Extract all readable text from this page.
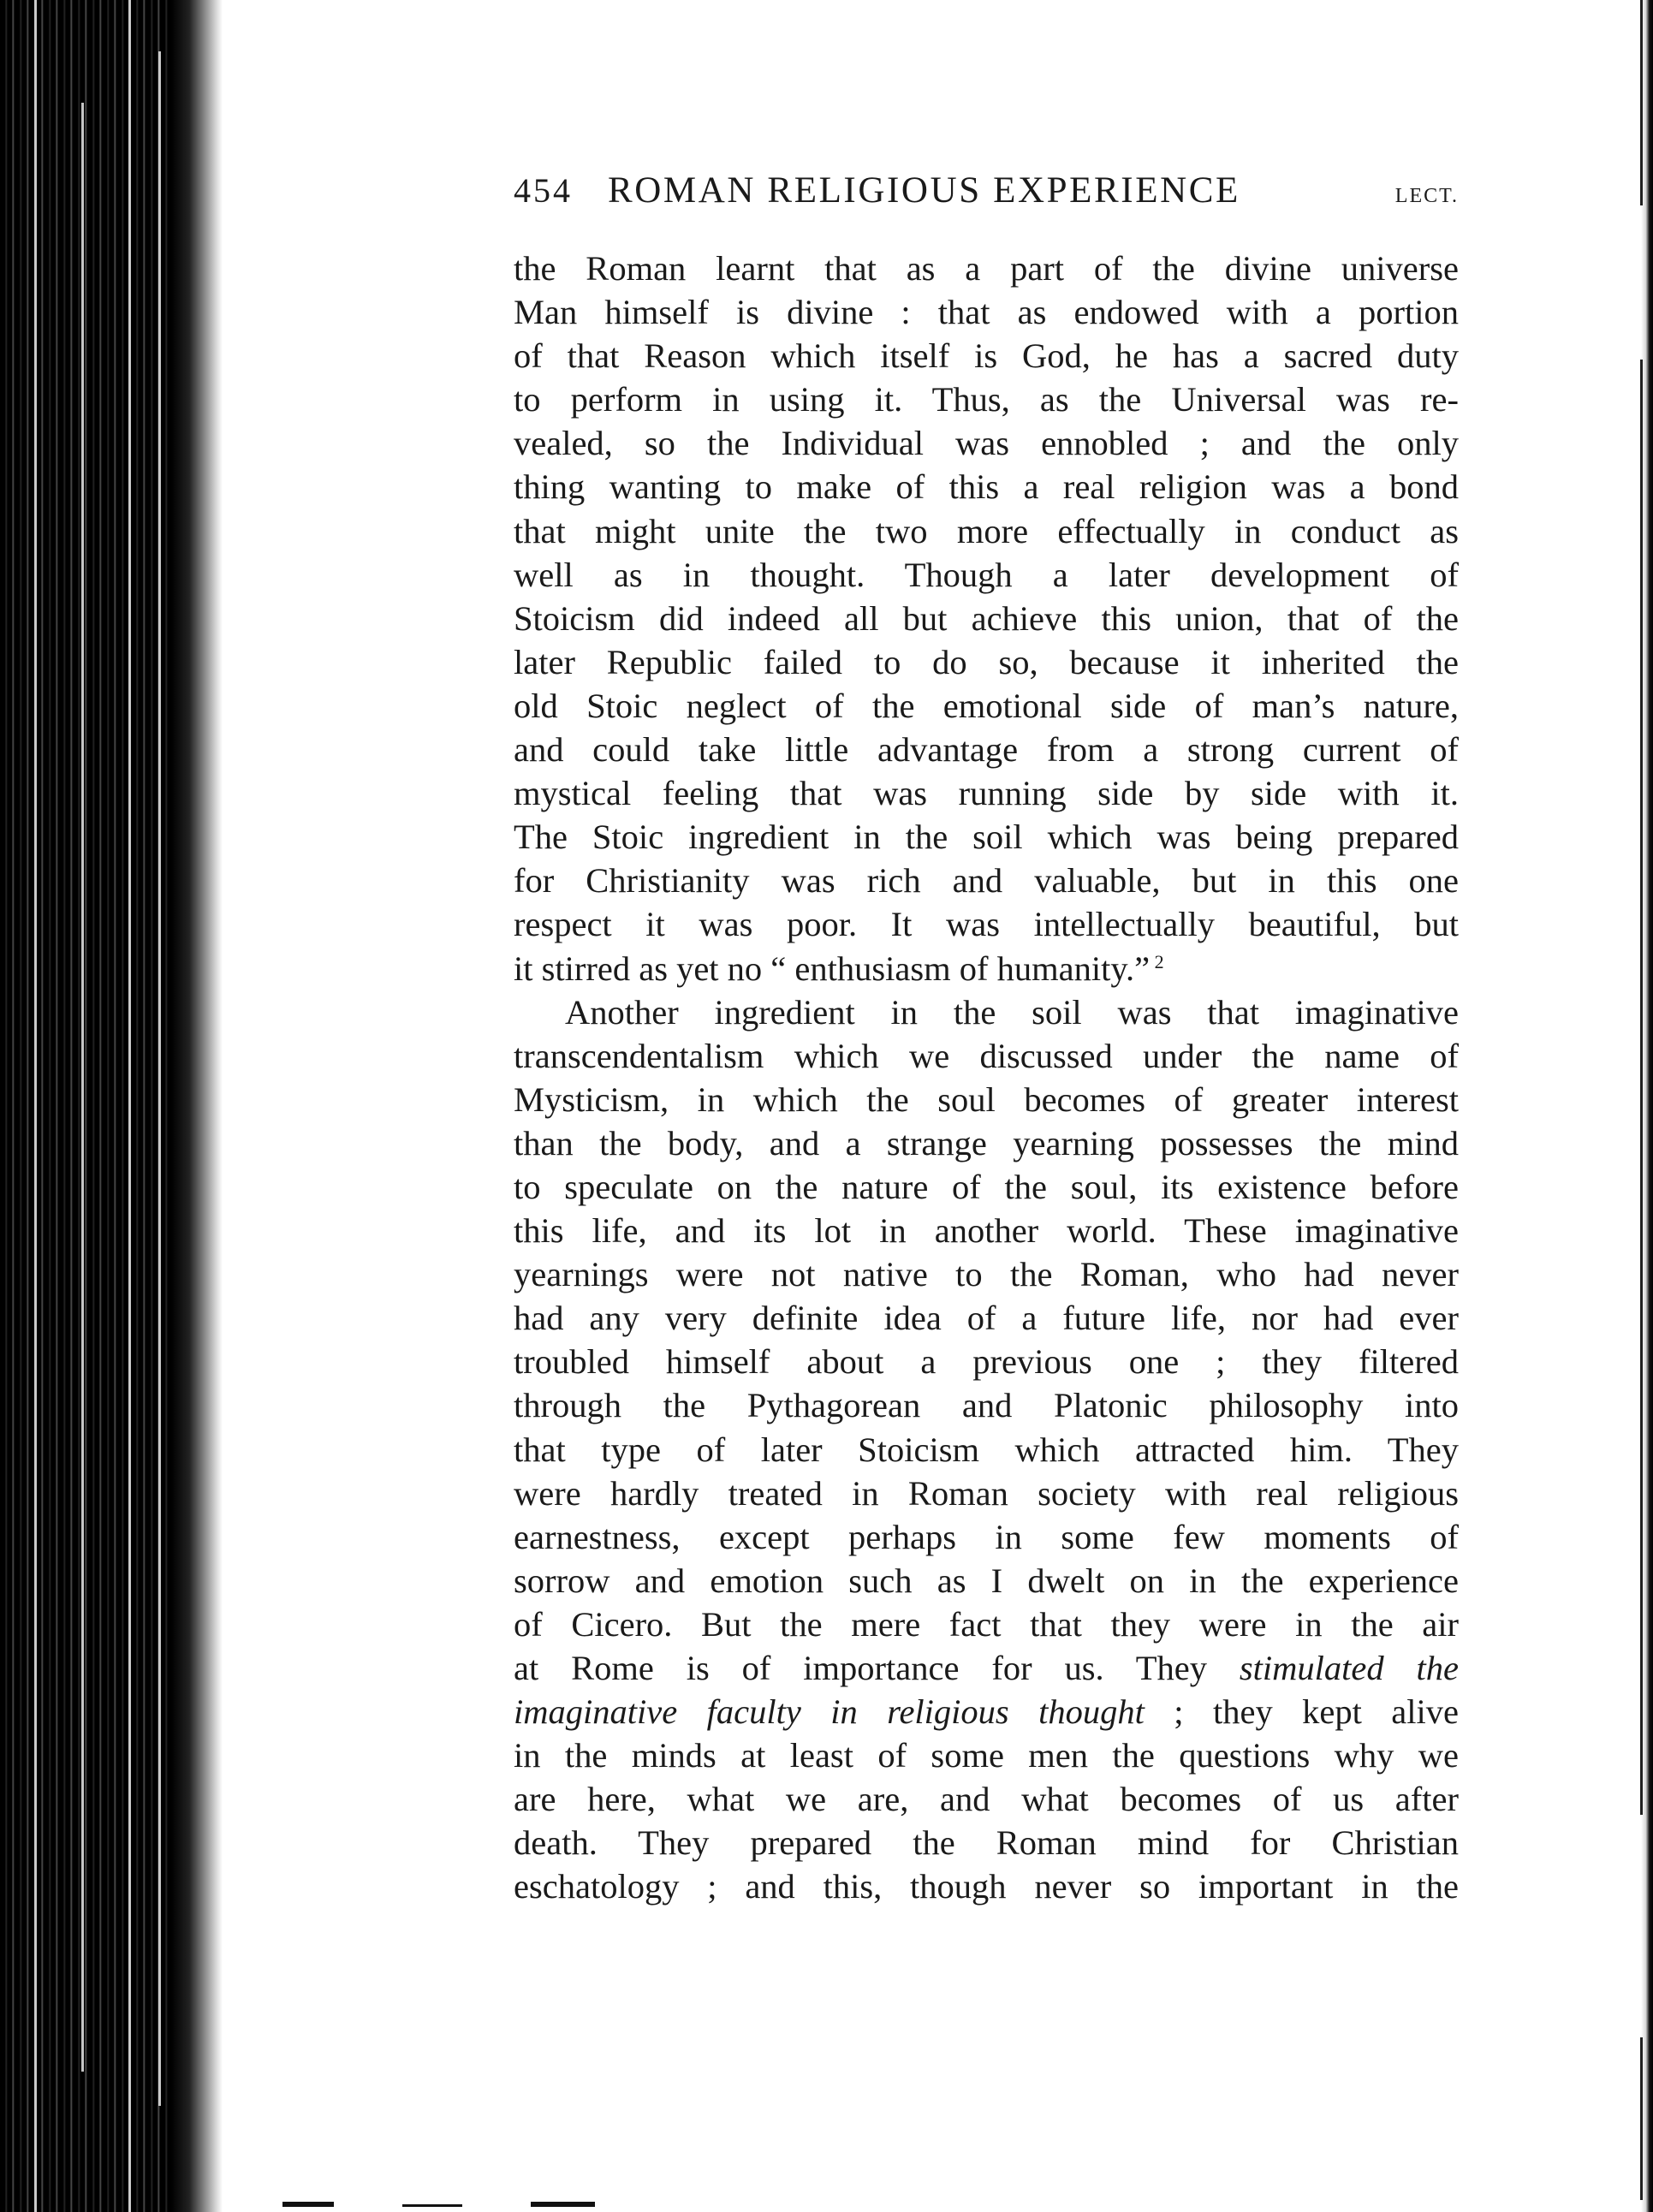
454 ROMAN RELIGIOUS EXPERIENCE	LECT.
the Roman learnt that as a part of the divine universe
Man himself is divine : that as endowed with a portion
of that Reason which itself is God, he has a sacred duty
to perform in using it. Thus, as the Universal was re-
vealed, so the Individual was ennobled ; and the only
thing wanting to make of this a real religion was a bond
that might unite the two more effectually in conduct as
well as in thought. Though a later development of
Stoicism did indeed all but achieve this union, that of the
later Republic failed to do so, because it inherited the
old Stoic neglect of the emotional side of man’s nature,
and could take little advantage from a strong current of
mystical feeling that was running side by side with it.
The Stoic ingredient in the soil which was being prepared
for Christianity was rich and valuable, but in this one
respect it was poor. It was intellectually beautiful, but
it stirred as yet no “ enthusiasm of humanity.” $^2$
Another ingredient in the soil was that imaginative
transcendentalism which we discussed under the name of
Mysticism, in which the soul becomes of greater interest
than the body, and a strange yearning possesses the mind
to speculate on the nature of the soul, its existence before
this life, and its lot in another world. These imaginative
yearnings were not native to the Roman, who had never
had any very definite idea of a future life, nor had ever
troubled himself about a previous one ; they filtered
through the Pythagorean and Platonic philosophy into
that type of later Stoicism which attracted him. They
were hardly treated in Roman society with real religious
earnestness, except perhaps in some few moments of
sorrow and emotion such as I dwelt on in the experience
of Cicero. But the mere fact that they were in the air
at Rome is of importance for us. They stimulated the
imaginative faculty in religious thought ; they kept alive
in the minds at least of some men the questions why we
are here, what we are, and what becomes of us after
death. They prepared the Roman mind for Christian
eschatology ; and this, though never so important in the
